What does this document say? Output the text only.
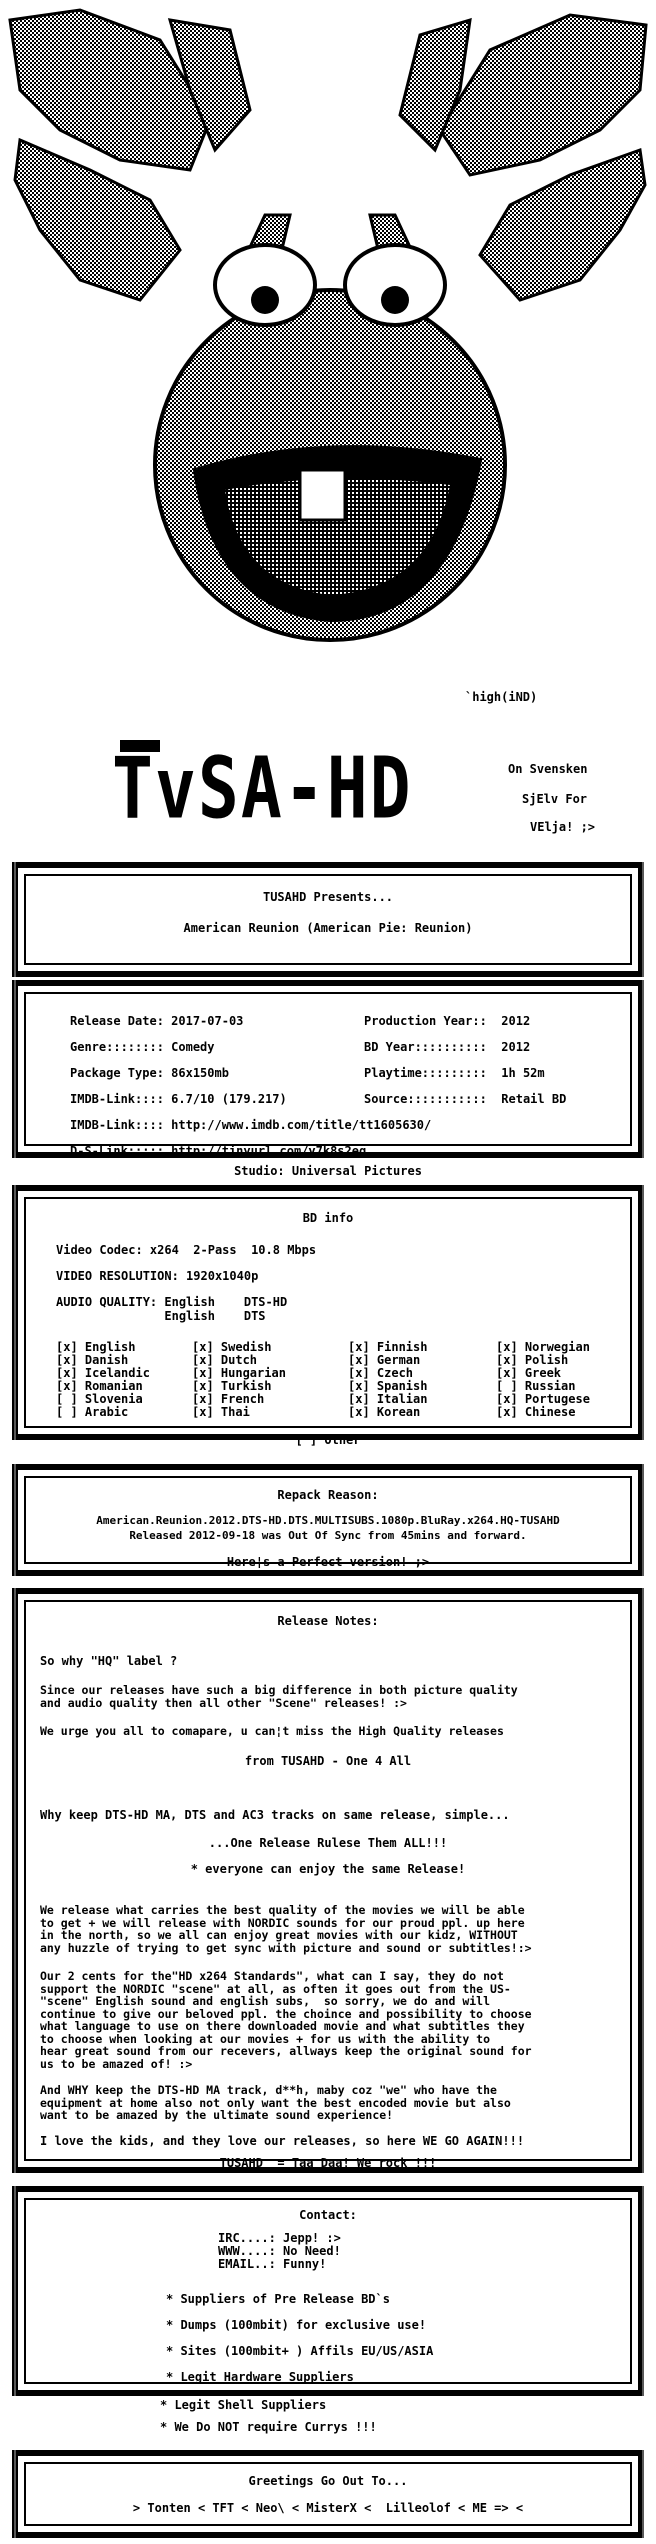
`high(iND)
TvSA-HD	On Svensken
SjElv For
VElja! ;>
TUSAHD Presents...
American Reunion (American Pie: Reunion)
Release Date: 2017-07-03
Genre:::::::: Comedy
Package Type: 86x150mb
IMDB-Link:::: 6.7/10 (179.217)
IMDB-Link:::: http://www.imdb.com/title/tt1605630/
D-S-Link::::: http://tinyurl.com/y7k8s2eg
Production Year::  2012
BD Year::::::::::  2012
Playtime:::::::::  1h 52m
Source:::::::::::  Retail BD
Studio: Universal Pictures
BD info
Video Codec: x264  2-Pass  10.8 Mbps
VIDEO RESOLUTION: 1920x1040p
AUDIO QUALITY: English    DTS-HD
English    DTS
[x] English
[x] Danish
[x] Icelandic
[x] Romanian
[ ] Slovenia
[ ] Arabic
[x] Swedish
[x] Dutch
[x] Hungarian
[x] Turkish
[x] French
[x] Thai
[x] Finnish
[x] German
[x] Czech
[x] Spanish
[x] Italian
[x] Korean
[x] Norwegian
[x] Polish
[x] Greek
[ ] Russian
[x] Portugese
[x] Chinese
[ ] Other
Repack Reason:
American.Reunion.2012.DTS-HD.DTS.MULTISUBS.1080p.BluRay.x264.HQ-TUSAHD
Released 2012-09-18 was Out Of Sync from 45mins and forward.
Here¦s a Perfect version! ;>
Release Notes:
So why "HQ" label ?
Since our releases have such a big difference in both picture quality
and audio quality then all other "Scene" releases! :>
We urge you all to comapare, u can¦t miss the High Quality releases
from TUSAHD - One 4 All
Why keep DTS-HD MA, DTS and AC3 tracks on same release, simple...
...One Release Rulese Them ALL!!!
* everyone can enjoy the same Release!
We release what carries the best quality of the movies we will be able
to get + we will release with NORDIC sounds for our proud ppl. up here
in the north, so we all can enjoy great movies with our kidz, WITHOUT
any huzzle of trying to get sync with picture and sound or subtitles!:>
Our 2 cents for the"HD x264 Standards", what can I say, they do not
support the NORDIC "scene" at all, as often it goes out from the US-
"scene" English sound and english subs,  so sorry, we do and will
continue to give our beloved ppl. the choince and possibility to choose
what language to use on there downloaded movie and what subtitles they
to choose when looking at our movies + for us with the ability to
hear great sound from our recevers, allways keep the original sound for
us to be amazed of! :>
And WHY keep the DTS-HD MA track, d**h, maby coz "we" who have the
equipment at home also not only want the best encoded movie but also
want to be amazed by the ultimate sound experience!
I love the kids, and they love our releases, so here WE GO AGAIN!!!
TUSAHD  = Taa Daa! We rock !!!
Contact:
IRC....: Jepp! :>
WWW....: No Need!
EMAIL..: Funny!
* Suppliers of Pre Release BD`s
* Dumps (100mbit) for exclusive use!
* Sites (100mbit+ ) Affils EU/US/ASIA
* Legit Hardware Suppliers
* Legit Shell Suppliers
* We Do NOT require Currys !!!
Greetings Go Out To...
> Tonten < TFT < Neo\ < MisterX <  Lilleolof < ME => <
